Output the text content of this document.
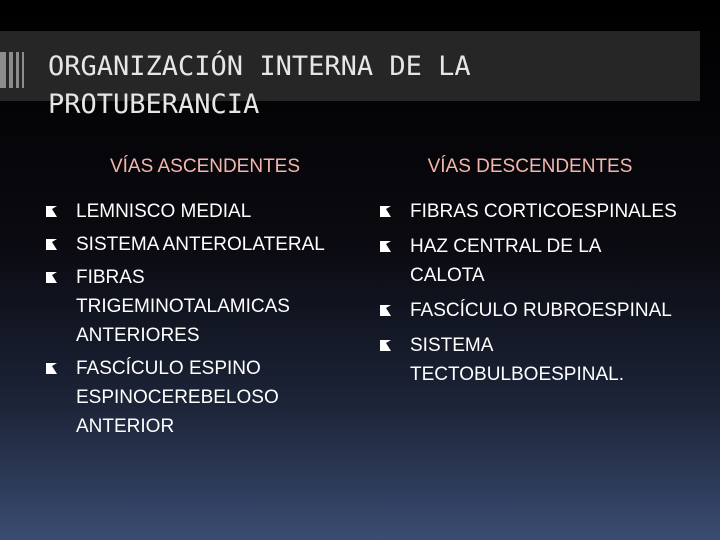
ORGANIZACIÓN INTERNA DE LA PROTUBERANCIA
VÍAS ASCENDENTES	VÍAS DESCENDENTES
LEMNISCO MEDIAL
SISTEMA ANTEROLATERAL
FIBRAS TRIGEMINOTALAMICAS ANTERIORES
FASCÍCULO ESPINO ESPINOCEREBELOSO ANTERIOR
FIBRAS CORTICOESPINALES
HAZ CENTRAL DE LA CALOTA
FASCÍCULO RUBROESPINAL
SISTEMA TECTOBULBOESPINAL.
